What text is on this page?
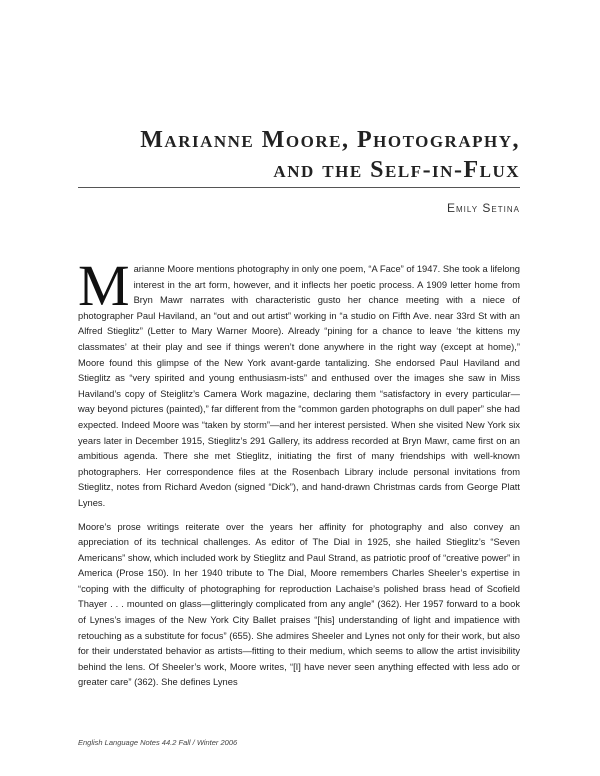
Marianne Moore, Photography,
and the Self-in-Flux
Emily Setina

Marianne Moore mentions photography in only one poem, “A Face” of 1947. She took a lifelong interest in the art form, however, and it inflects her poetic process. A 1909 letter home from Bryn Mawr narrates with characteristic gusto her chance meeting with a niece of photographer Paul Haviland, an “out and out artist” working in “a studio on Fifth Ave. near 33rd St with an Alfred Stieglitz” (Letter to Mary Warner Moore). Already “pining for a chance to leave ‘the kittens my classmates’ at their play and see if things weren’t done anywhere in the right way (except at home),” Moore found this glimpse of the New York avant-garde tantalizing. She endorsed Paul Haviland and Stieglitz as “very spirited and young enthusiasm-ists” and enthused over the images she saw in Miss Haviland’s copy of Steiglitz’s Camera Work magazine, declaring them “satisfactory in every particular—way beyond pictures (painted),” far different from the “common garden photographs on dull paper” she had expected. Indeed Moore was “taken by storm”—and her interest persisted. When she visited New York six years later in December 1915, Stieglitz’s 291 Gallery, its address recorded at Bryn Mawr, came first on an ambitious agenda. There she met Stieglitz, initiating the first of many friendships with well-known photographers. Her correspondence files at the Rosenbach Library include personal invitations from Stieglitz, notes from Richard Avedon (signed “Dick”), and hand-drawn Christmas cards from George Platt Lynes.

Moore’s prose writings reiterate over the years her affinity for photography and also convey an appreciation of its technical challenges. As editor of The Dial in 1925, she hailed Stieglitz’s “Seven Americans” show, which included work by Stieglitz and Paul Strand, as patriotic proof of “creative power” in America (Prose 150). In her 1940 tribute to The Dial, Moore remembers Charles Sheeler’s expertise in “coping with the difficulty of photographing for reproduction Lachaise’s polished brass head of Scofield Thayer . . . mounted on glass—glitteringly complicated from any angle” (362). Her 1957 forward to a book of Lynes’s images of the New York City Ballet praises “[his] understanding of light and impatience with retouching as a substitute for focus” (655). She admires Sheeler and Lynes not only for their work, but also for their understated behavior as artists—fitting to their medium, which seems to allow the artist invisibility behind the lens. Of Sheeler’s work, Moore writes, “[I] have never seen anything effected with less ado or greater care” (362). She defines Lynes

English Language Notes 44.2 Fall / Winter 2006
